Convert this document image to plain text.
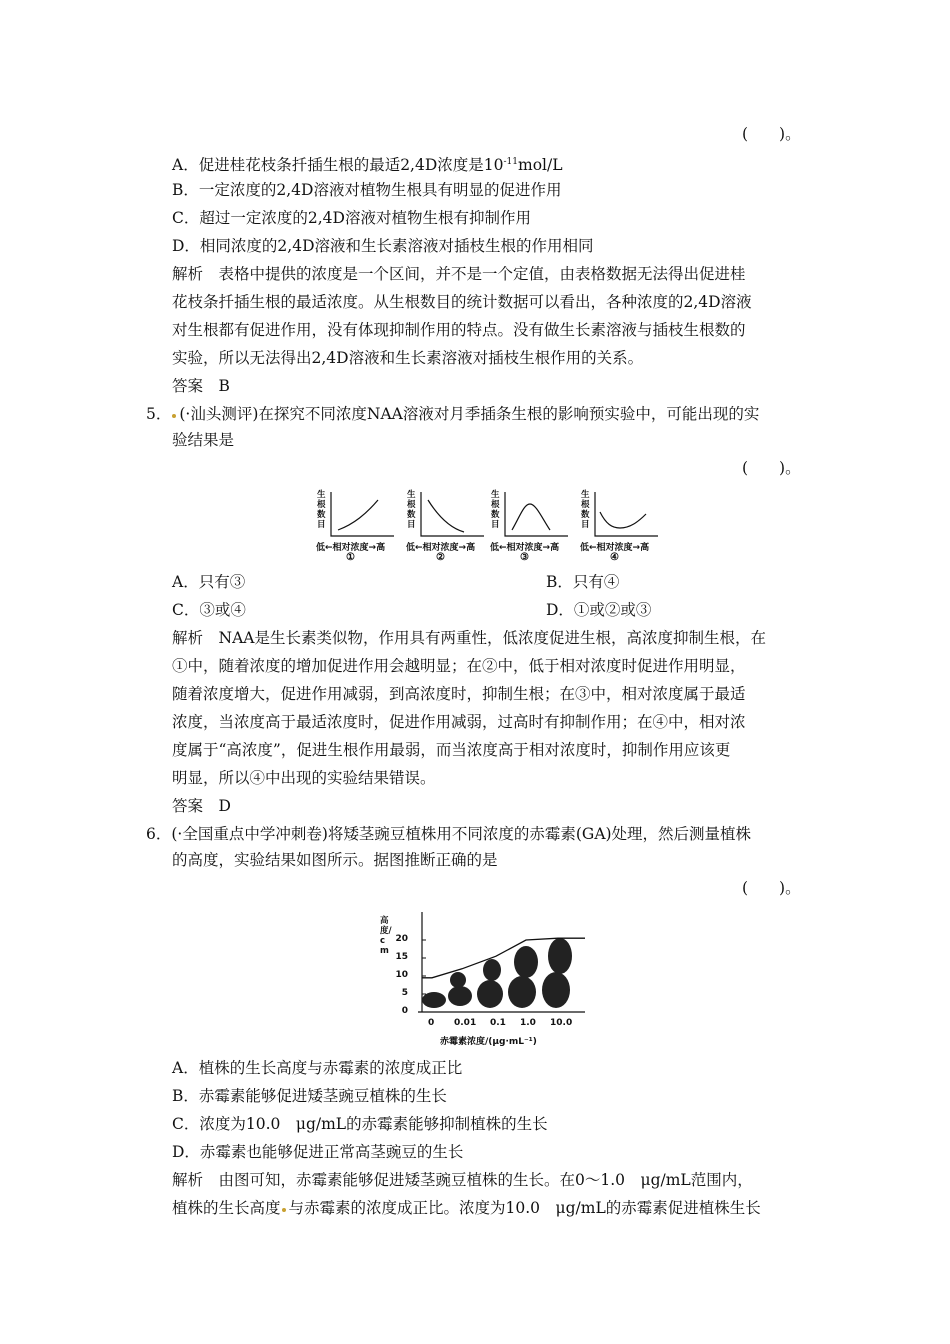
(　　)。
A．促进桂花枝条扦插生根的最适2,4D浓度是$10^{-11}mol/L$
B．一定浓度的2,4D溶液对植物生根具有明显的促进作用
C．超过一定浓度的2,4D溶液对植物生根有抑制作用
D．相同浓度的2,4D溶液和生长素溶液对插枝生根的作用相同
解析　表格中提供的浓度是一个区间，并不是一个定值，由表格数据无法得出促进桂
花枝条扦插生根的最适浓度。从生根数目的统计数据可以看出，各种浓度的2,4D溶液
对生根都有促进作用，没有体现抑制作用的特点。没有做生长素溶液与插枝生根数的
实验，所以无法得出2,4D溶液和生长素溶液对插枝生根作用的关系。
答案　B
5． (·汕头测评)在探究不同浓度NAA溶液对月季插条生根的影响预实验中，可能出现的实
验结果是
(　　)。
生根数目
低←相对浓度→高
①
生根数目
低←相对浓度→高
②
生根数目
低←相对浓度→高
③
生根数目
低←相对浓度→高
④
A．只有③	B．只有④
C．③或④	D．①或②或③
解析　NAA是生长素类似物，作用具有两重性，低浓度促进生根，高浓度抑制生根，在
①中，随着浓度的增加促进作用会越明显；在②中，低于相对浓度时促进作用明显，
随着浓度增大，促进作用减弱，到高浓度时，抑制生根；在③中，相对浓度属于最适
浓度，当浓度高于最适浓度时，促进作用减弱，过高时有抑制作用；在④中，相对浓
度属于“高浓度”，促进生根作用最弱，而当浓度高于相对浓度时，抑制作用应该更
明显，所以④中出现的实验结果错误。
答案　D
6．(·全国重点中学冲刺卷)将矮茎豌豆植株用不同浓度的赤霉素(GA)处理，然后测量植株
的高度，实验结果如图所示。据图推断正确的是
(　　)。
高度/cm
0
5
10
15
20
0 0.01 0.1 1.0 10.0
赤霉素浓度/(μg·mL⁻¹)
A．植株的生长高度与赤霉素的浓度成正比
B．赤霉素能够促进矮茎豌豆植株的生长
C．浓度为10.0　μg/mL的赤霉素能够抑制植株的生长
D．赤霉素也能够促进正常高茎豌豆的生长
解析　由图可知，赤霉素能够促进矮茎豌豆植株的生长。在0～1.0　μg/mL范围内，
植株的生长高度 与赤霉素的浓度成正比。浓度为10.0　μg/mL的赤霉素促进植株生长
